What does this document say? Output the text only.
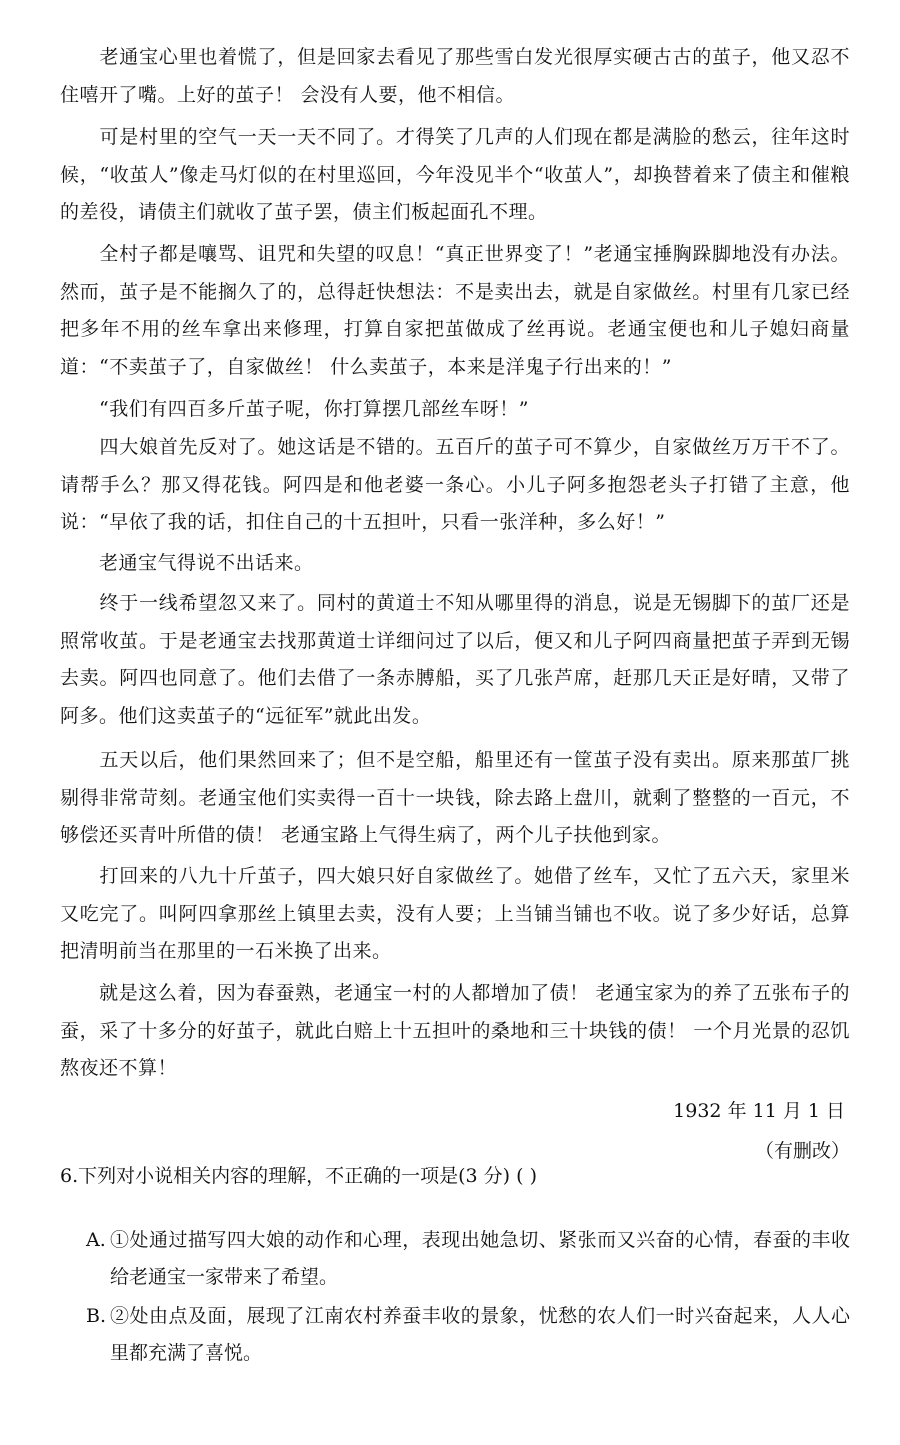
　　老通宝心里也着慌了，但是回家去看见了那些雪白发光很厚实硬古古的茧子，他又忍不住嘻开了嘴。上好的茧子！ 会没有人要，他不相信。

　　可是村里的空气一天一天不同了。才得笑了几声的人们现在都是满脸的愁云，往年这时候，“收茧人”像走马灯似的在村里巡回，今年没见半个“收茧人”，却换替着来了债主和催粮的差役，请债主们就收了茧子罢，债主们板起面孔不理。

　　全村子都是嚷骂、诅咒和失望的叹息！“真正世界变了！”老通宝捶胸跺脚地没有办法。然而，茧子是不能搁久了的，总得赶快想法：不是卖出去，就是自家做丝。村里有几家已经把多年不用的丝车拿出来修理，打算自家把茧做成了丝再说。老通宝便也和儿子媳妇商量道：“不卖茧子了，自家做丝！ 什么卖茧子，本来是洋鬼子行出来的！”

　　“我们有四百多斤茧子呢，你打算摆几部丝车呀！”

　　四大娘首先反对了。她这话是不错的。五百斤的茧子可不算少，自家做丝万万干不了。请帮手么？那又得花钱。阿四是和他老婆一条心。小儿子阿多抱怨老头子打错了主意，他说：“早依了我的话，扣住自己的十五担叶，只看一张洋种，多么好！”

　　老通宝气得说不出话来。

　　终于一线希望忽又来了。同村的黄道士不知从哪里得的消息，说是无锡脚下的茧厂还是照常收茧。于是老通宝去找那黄道士详细问过了以后，便又和儿子阿四商量把茧子弄到无锡去卖。阿四也同意了。他们去借了一条赤膊船，买了几张芦席，赶那几天正是好晴，又带了阿多。他们这卖茧子的“远征军”就此出发。

　　五天以后，他们果然回来了；但不是空船，船里还有一筐茧子没有卖出。原来那茧厂挑剔得非常苛刻。老通宝他们实卖得一百十一块钱，除去路上盘川，就剩了整整的一百元，不够偿还买青叶所借的债！ 老通宝路上气得生病了，两个儿子扶他到家。

　　打回来的八九十斤茧子，四大娘只好自家做丝了。她借了丝车，又忙了五六天，家里米又吃完了。叫阿四拿那丝上镇里去卖，没有人要；上当铺当铺也不收。说了多少好话，总算把清明前当在那里的一石米换了出来。

　　就是这么着，因为春蚕熟，老通宝一村的人都增加了债！ 老通宝家为的养了五张布子的蚕，采了十多分的好茧子，就此白赔上十五担叶的桑地和三十块钱的债！ 一个月光景的忍饥熬夜还不算！

1932 年 11 月 1 日
（有删改）

6.下列对小说相关内容的理解，不正确的一项是(3 分) ( )

A. ①处通过描写四大娘的动作和心理，表现出她急切、紧张而又兴奋的心情，春蚕的丰收给老通宝一家带来了希望。

B. ②处由点及面，展现了江南农村养蚕丰收的景象，忧愁的农人们一时兴奋起来，人人心里都充满了喜悦。
